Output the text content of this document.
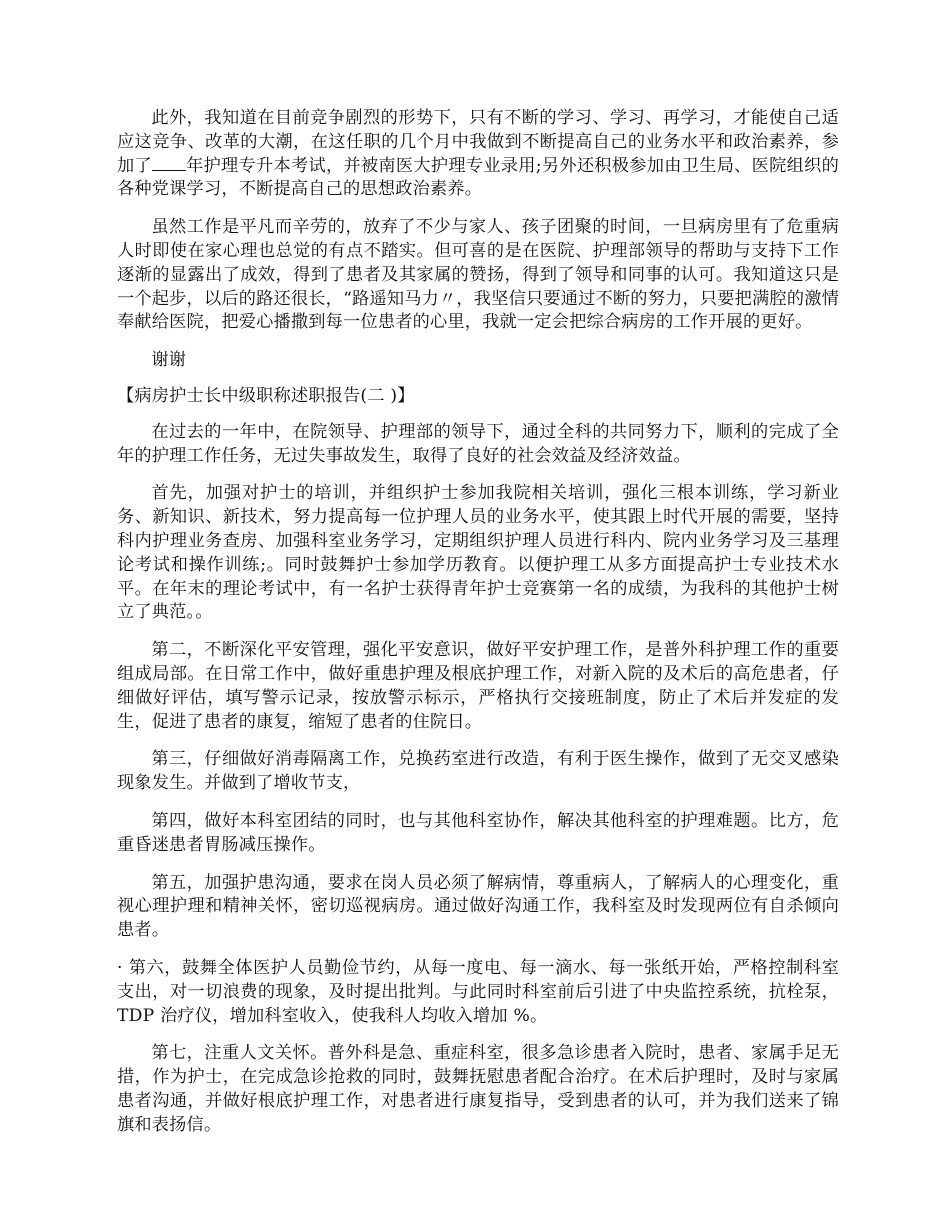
此外，我知道在目前竞争剧烈的形势下，只有不断的学习、学习、再学习，才能使自己适应这竞争、改革的大潮，在这任职的几个月中我做到不断提高自己的业务水平和政治素养，参加了 年护理专升本考试，并被南医大护理专业录用;另外还积极参加由卫生局、医院组织的各种党课学习，不断提高自己的思想政治素养。

虽然工作是平凡而辛劳的，放弃了不少与家人、孩子团聚的时间，一旦病房里有了危重病人时即使在家心理也总觉的有点不踏实。但可喜的是在医院、护理部领导的帮助与支持下工作逐渐的显露出了成效，得到了患者及其家属的赞扬，得到了领导和同事的认可。我知道这只是一个起步，以后的路还很长，“路遥知马力〃，我坚信只要通过不断的努力，只要把满腔的激情奉献给医院，把爱心播撒到每一位患者的心里，我就一定会把综合病房的工作开展的更好。

谢谢

【病房护士长中级职称述职报告(二 )】

在过去的一年中，在院领导、护理部的领导下，通过全科的共同努力下，顺利的完成了全年的护理工作任务，无过失事故发生，取得了良好的社会效益及经济效益。

首先，加强对护士的培训，并组织护士参加我院相关培训，强化三根本训练，学习新业务、新知识、新技术，努力提高每一位护理人员的业务水平，使其跟上时代开展的需要，坚持科内护理业务查房、加强科室业务学习，定期组织护理人员进行科内、院内业务学习及三基理论考试和操作训练;。同时鼓舞护士参加学历教育。以便护理工从多方面提高护士专业技术水平。在年末的理论考试中，有一名护士获得青年护士竞赛第一名的成绩，为我科的其他护士树立了典范。。

第二，不断深化平安管理，强化平安意识，做好平安护理工作，是普外科护理工作的重要组成局部。在日常工作中，做好重患护理及根底护理工作，对新入院的及术后的高危患者，仔细做好评估，填写警示记录，按放警示标示，严格执行交接班制度，防止了术后并发症的发生，促进了患者的康复，缩短了患者的住院日。

第三，仔细做好消毒隔离工作，兑换药室进行改造，有利于医生操作，做到了无交叉感染现象发生。并做到了增收节支，

第四，做好本科室团结的同时，也与其他科室协作，解决其他科室的护理难题。比方，危重昏迷患者胃肠减压操作。

第五，加强护患沟通，要求在岗人员必须了解病情，尊重病人，了解病人的心理变化，重视心理护理和精神关怀，密切巡视病房。通过做好沟通工作，我科室及时发现两位有自杀倾向患者。

· 第六，鼓舞全体医护人员勤俭节约，从每一度电、每一滴水、每一张纸开始，严格控制科室支出，对一切浪费的现象，及时提出批判。与此同时科室前后引进了中央监控系统，抗栓泵，TDP 治疗仪，增加科室收入，使我科人均收入增加 %。

第七，注重人文关怀。普外科是急、重症科室，很多急诊患者入院时，患者、家属手足无措，作为护士，在完成急诊抢救的同时，鼓舞抚慰患者配合治疗。在术后护理时，及时与家属患者沟通，并做好根底护理工作，对患者进行康复指导，受到患者的认可，并为我们送来了锦旗和表扬信。
